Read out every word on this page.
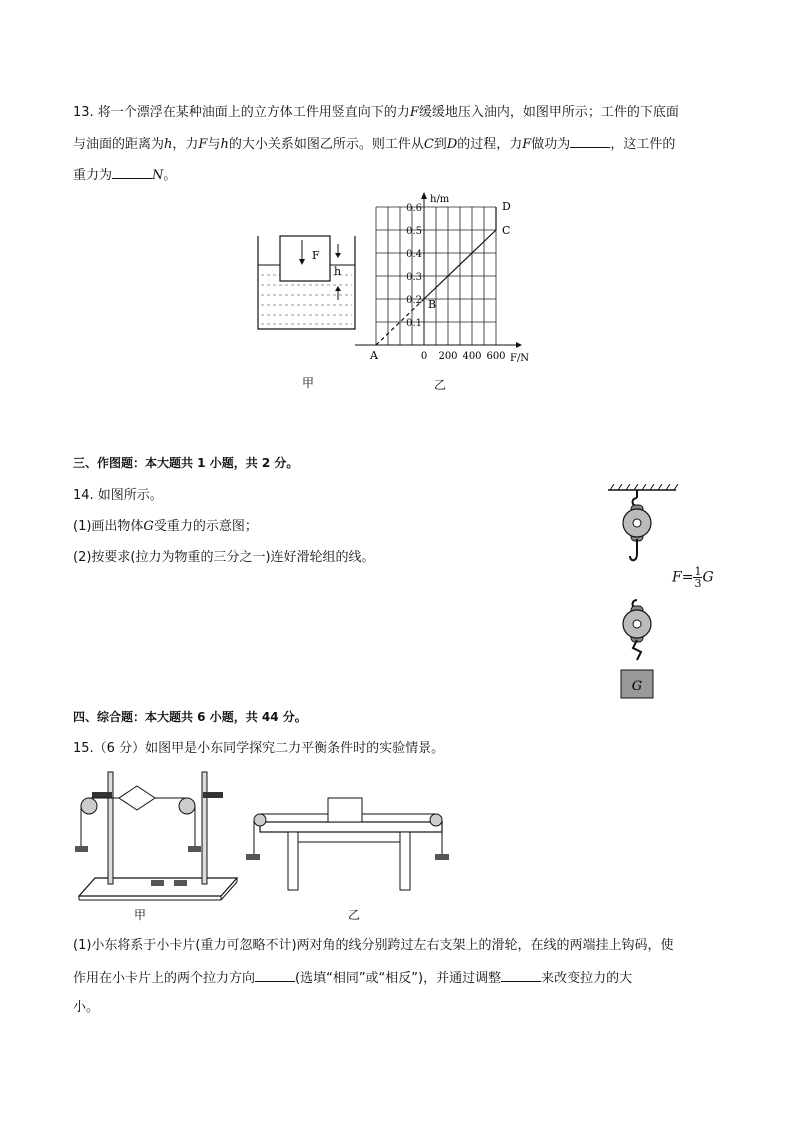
13. 将一个漂浮在某种油面上的立方体工件用竖直向下的力F缓缓地压入油内，如图甲所示；工件的下底面
与油面的距离为h，力F与h的大小关系如图乙所示。则工件从C到D的过程，力F做功为	，这工件的
重力为	N。
F
h
甲
h/m
F/N
0 200 400 600
0.1
0.2
0.3
0.4
0.5
0.6
A
B
C
D
乙
三、作图题：本大题共 1 小题，共 2 分。
14. 如图所示。
(1)画出物体G受重力的示意图；
(2)按要求(拉力为物重的三分之一)连好滑轮组的线。
G
$F= \frac{1}{3}$ G
四、综合题：本大题共 6 小题，共 44 分。
15.（6 分）如图甲是小东同学探究二力平衡条件时的实验情景。
甲	乙
(1)小东将系于小卡片(重力可忽略不计)两对角的线分别跨过左右支架上的滑轮，在线的两端挂上钩码，使
作用在小卡片上的两个拉力方向	(选填“相同”或“相反”)，并通过调整	来改变拉力的大
小。
